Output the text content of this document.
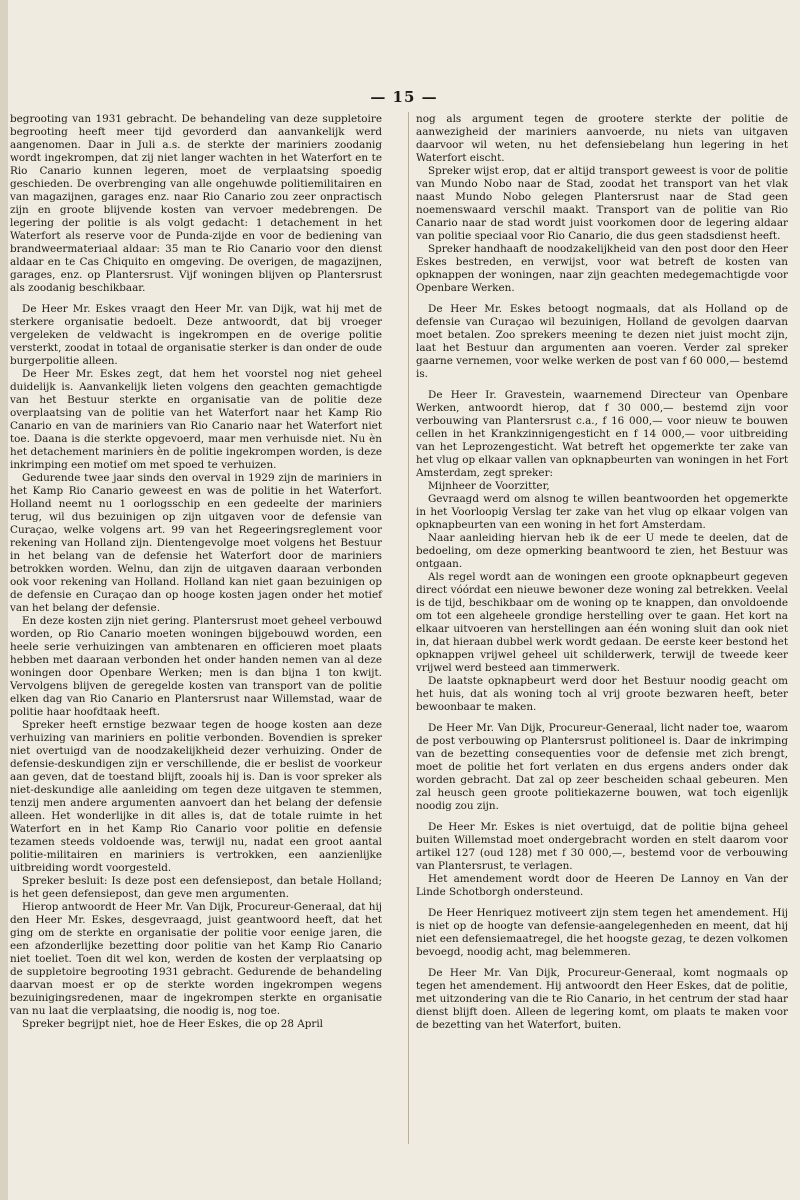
— 15 —

begrooting van 1931 gebracht. De behandeling van deze suppletoire begrooting heeft meer tijd gevorderd dan aanvankelijk werd aangenomen. Daar in Juli a.s. de sterkte der mariniers zoodanig wordt ingekrompen, dat zij niet langer wachten in het Waterfort en te Rio Canario kunnen legeren, moet de verplaatsing spoedig geschieden. De overbrenging van alle ongehuwde politiemilitairen en van magazijnen, garages enz. naar Rio Canario zou zeer onpractisch zijn en groote blijvende kosten van vervoer medebrengen. De legering der politie is als volgt gedacht: 1 detachement in het Waterfort als reserve voor de Punda-zijde en voor de bediening van brandweermateriaal aldaar: 35 man te Rio Canario voor den dienst aldaar en te Cas Chiquito en omgeving. De overigen, de magazijnen, garages, enz. op Plantersrust. Vijf woningen blijven op Plantersrust als zoodanig beschikbaar.

De Heer Mr. Eskes vraagt den Heer Mr. van Dijk, wat hij met de sterkere organisatie bedoelt. Deze antwoordt, dat bij vroeger vergeleken de veldwacht is ingekrompen en de overige politie versterkt, zoodat in totaal de organisatie sterker is dan onder de oude burgerpolitie alleen.

De Heer Mr. Eskes zegt, dat hem het voorstel nog niet geheel duidelijk is. Aanvankelijk lieten volgens den geachten gemachtigde van het Bestuur sterkte en organisatie van de politie deze overplaatsing van de politie van het Waterfort naar het Kamp Rio Canario en van de mariniers van Rio Canario naar het Waterfort niet toe. Daana is die sterkte opgevoerd, maar men verhuisde niet. Nu èn het detachement mariniers èn de politie ingekrompen worden, is deze inkrimping een motief om met spoed te verhuizen.

Gedurende twee jaar sinds den overval in 1929 zijn de mariniers in het Kamp Rio Canario geweest en was de politie in het Waterfort. Holland neemt nu 1 oorlogsschip en een gedeelte der mariniers terug, wil dus bezuinigen op zijn uitgaven voor de defensie van Curaçao, welke volgens art. 99 van het Regeeringsreglement voor rekening van Holland zijn. Dientengevolge moet volgens het Bestuur in het belang van de defensie het Waterfort door de mariniers betrokken worden. Welnu, dan zijn de uitgaven daaraan verbonden ook voor rekening van Holland. Holland kan niet gaan bezuinigen op de defensie en Curaçao dan op hooge kosten jagen onder het motief van het belang der defensie.

En deze kosten zijn niet gering. Plantersrust moet geheel verbouwd worden, op Rio Canario moeten woningen bijgebouwd worden, een heele serie verhuizingen van ambtenaren en officieren moet plaats hebben met daaraan verbonden het onder handen nemen van al deze woningen door Openbare Werken; men is dan bijna 1 ton kwijt. Vervolgens blijven de geregelde kosten van transport van de politie elken dag van Rio Canario en Plantersrust naar Willemstad, waar de politie haar hoofdtaak heeft.

Spreker heeft ernstige bezwaar tegen de hooge kosten aan deze verhuizing van mariniers en politie verbonden. Bovendien is spreker niet overtuigd van de noodzakelijkheid dezer verhuizing. Onder de defensie-deskundigen zijn er verschillende, die er beslist de voorkeur aan geven, dat de toestand blijft, zooals hij is. Dan is voor spreker als niet-deskundige alle aanleiding om tegen deze uitgaven te stemmen, tenzij men andere argumenten aanvoert dan het belang der defensie alleen. Het wonderlijke in dit alles is, dat de totale ruimte in het Waterfort en in het Kamp Rio Canario voor politie en defensie tezamen steeds voldoende was, terwijl nu, nadat een groot aantal politie-militairen en mariniers is vertrokken, een aanzienlijke uitbreiding wordt voorgesteld.

Spreker besluit: Is deze post een defensiepost, dan betale Holland; is het geen defensiepost, dan geve men argumenten.

Hierop antwoordt de Heer Mr. Van Dijk, Procureur-Generaal, dat hij den Heer Mr. Eskes, desgevraagd, juist geantwoord heeft, dat het ging om de sterkte en organisatie der politie voor eenige jaren, die een afzonderlijke bezetting door politie van het Kamp Rio Canario niet toeliet. Toen dit wel kon, werden de kosten der verplaatsing op de suppletoire begrooting 1931 gebracht. Gedurende de behandeling daarvan moest er op de sterkte worden ingekrompen wegens bezuinigingsredenen, maar de ingekrompen sterkte en organisatie van nu laat die verplaatsing, die noodig is, nog toe.

Spreker begrijpt niet, hoe de Heer Eskes, die op 28 April

nog als argument tegen de grootere sterkte der politie de aanwezigheid der mariniers aanvoerde, nu niets van uitgaven daarvoor wil weten, nu het defensiebelang hun legering in het Waterfort eischt.

Spreker wijst erop, dat er altijd transport geweest is voor de politie van Mundo Nobo naar de Stad, zoodat het transport van het vlak naast Mundo Nobo gelegen Plantersrust naar de Stad geen noemenswaard verschil maakt. Transport van de politie van Rio Canario naar de stad wordt juist voorkomen door de legering aldaar van politie speciaal voor Rio Canario, die dus geen stadsdienst heeft.

Spreker handhaaft de noodzakelijkheid van den post door den Heer Eskes bestreden, en verwijst, voor wat betreft de kosten van opknappen der woningen, naar zijn geachten medegemachtigde voor Openbare Werken.

De Heer Mr. Eskes betoogt nogmaals, dat als Holland op de defensie van Curaçao wil bezuinigen, Holland de gevolgen daarvan moet betalen. Zoo sprekers meening te dezen niet juist mocht zijn, laat het Bestuur dan argumenten aan voeren. Verder zal spreker gaarne vernemen, voor welke werken de post van f 60 000,— bestemd is.

De Heer Ir. Gravestein, waarnemend Directeur van Openbare Werken, antwoordt hierop, dat f 30 000,— bestemd zijn voor verbouwing van Plantersrust c.a., f 16 000,— voor nieuw te bouwen cellen in het Krankzinnigengesticht en f 14 000,— voor uitbreiding van het Leprozengesticht. Wat betreft het opgemerkte ter zake van het vlug op elkaar vallen van opknapbeurten van woningen in het Fort Amsterdam, zegt spreker:

Mijnheer de Voorzitter,

Gevraagd werd om alsnog te willen beantwoorden het opgemerkte in het Voorloopig Verslag ter zake van het vlug op elkaar volgen van opknapbeurten van een woning in het fort Amsterdam.

Naar aanleiding hiervan heb ik de eer U mede te deelen, dat de bedoeling, om deze opmerking beantwoord te zien, het Bestuur was ontgaan.

Als regel wordt aan de woningen een groote opknapbeurt gegeven direct vóórdat een nieuwe bewoner deze woning zal betrekken. Veelal is de tijd, beschikbaar om de woning op te knappen, dan onvoldoende om tot een algeheele grondige herstelling over te gaan. Het kort na elkaar uitvoeren van herstellingen aan één woning sluit dan ook niet in, dat hieraan dubbel werk wordt gedaan. De eerste keer bestond het opknappen vrijwel geheel uit schilderwerk, terwijl de tweede keer vrijwel werd besteed aan timmerwerk.

De laatste opknapbeurt werd door het Bestuur noodig geacht om het huis, dat als woning toch al vrij groote bezwaren heeft, beter bewoonbaar te maken.

De Heer Mr. Van Dijk, Procureur-Generaal, licht nader toe, waarom de post verbouwing op Plantersrust politioneel is. Daar de inkrimping van de bezetting consequenties voor de defensie met zich brengt, moet de politie het fort verlaten en dus ergens anders onder dak worden gebracht. Dat zal op zeer bescheiden schaal gebeuren. Men zal heusch geen groote politiekazerne bouwen, wat toch eigenlijk noodig zou zijn.

De Heer Mr. Eskes is niet overtuigd, dat de politie bijna geheel buiten Willemstad moet ondergebracht worden en stelt daarom voor artikel 127 (oud 128) met f 30 000,—, bestemd voor de verbouwing van Plantersrust, te verlagen.

Het amendement wordt door de Heeren De Lannoy en Van der Linde Schotborgh ondersteund.

De Heer Henriquez motiveert zijn stem tegen het amendement. Hij is niet op de hoogte van defensie-aangelegenheden en meent, dat hij niet een defensiemaatregel, die het hoogste gezag, te dezen volkomen bevoegd, noodig acht, mag belemmeren.

De Heer Mr. Van Dijk, Procureur-Generaal, komt nogmaals op tegen het amendement. Hij antwoordt den Heer Eskes, dat de politie, met uitzondering van die te Rio Canario, in het centrum der stad haar dienst blijft doen. Alleen de legering komt, om plaats te maken voor de bezetting van het Waterfort, buiten.
